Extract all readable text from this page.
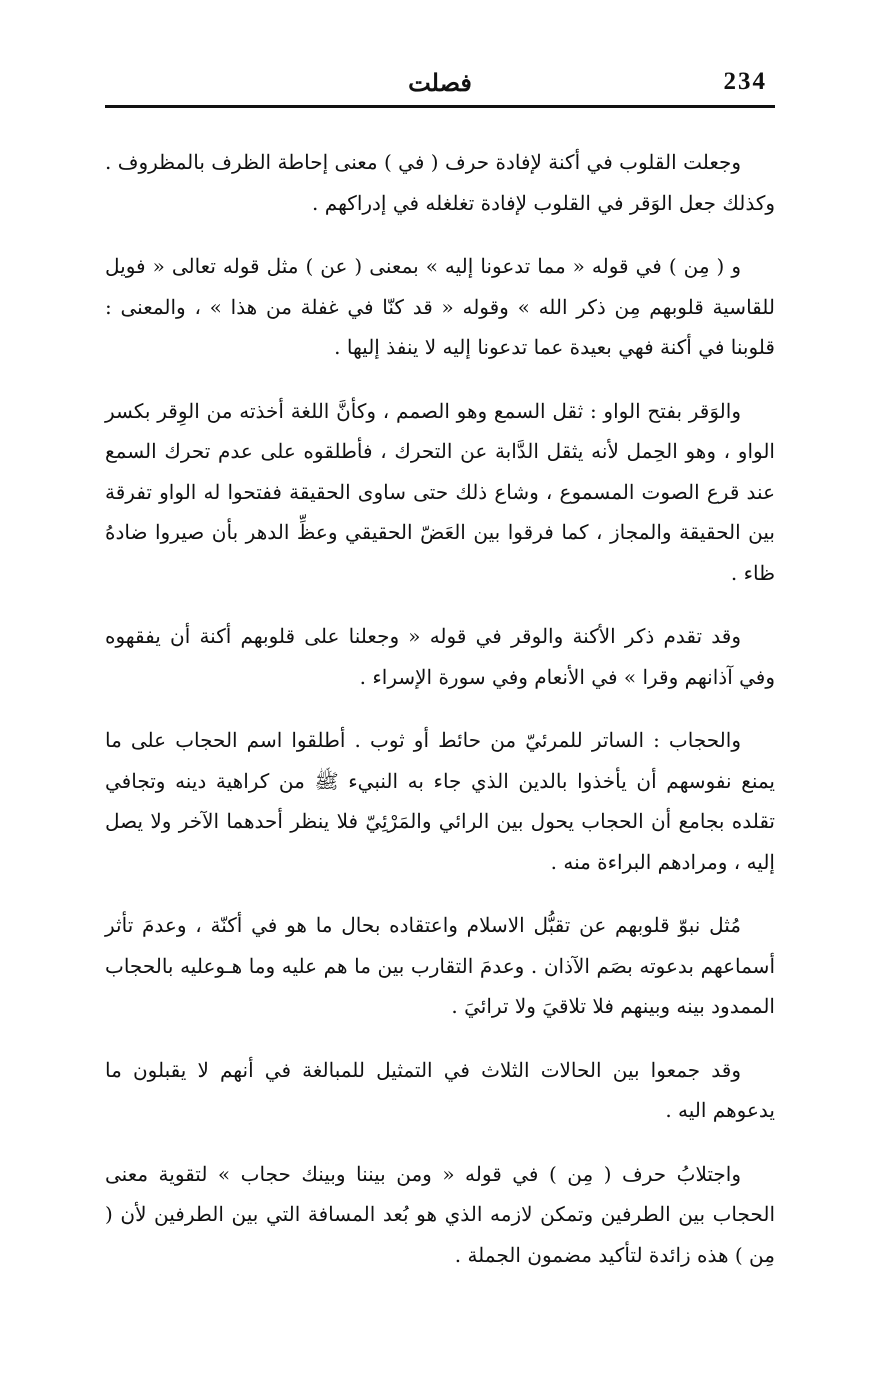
234
فصلت

وجعلت القلوب في أكنة لإفادة حرف ( في ) معنى إحاطة الظرف بالمظروف . وكذلك جعل الوَقر في القلوب لإفادة تغلغله في إدراكهم .

و ( مِن ) في قوله « مما تدعونا إليه » بمعنى ( عن ) مثل قوله تعالى « فويل للقاسية قلوبهم مِن ذكر الله » وقوله « قد كنّا في غفلة من هذا » ، والمعنى : قلوبنا في أكنة فهي بعيدة عما تدعونا إليه لا ينفذ إليها .

والوَقر بفتح الواو : ثقل السمع وهو الصمم ، وكأنَّ اللغة أخذته من الوِقر بكسر الواو ، وهو الحِمل لأنه يثقل الدَّابة عن التحرك ، فأطلقوه على عدم تحرك السمع عند قرع الصوت المسموع ، وشاع ذلك حتى ساوى الحقيقة ففتحوا له الواو تفرقة بين الحقيقة والمجاز ، كما فرقوا بين العَضّ الحقيقي وعظِّ الدهر بأن صيروا ضادهُ ظاء .

وقد تقدم ذكر الأكنة والوقر في قوله « وجعلنا على قلوبهم أكنة أن يفقهوه وفي آذانهم وقرا » في الأنعام وفي سورة الإسراء .

والحجاب : الساتر للمرئيّ من حائط أو ثوب . أطلقوا اسم الحجاب على ما يمنع نفوسهم أن يأخذوا بالدين الذي جاء به النبيء ﷺ من كراهية دينه وتجافي تقلده بجامع أن الحجاب يحول بين الرائي والمَرْئِيّ فلا ينظر أحدهما الآخر ولا يصل إليه ، ومرادهم البراءة منه .

مُثل نبوّ قلوبهم عن تقبُّل الاسلام واعتقاده بحال ما هو في أكنّة ، وعدمَ تأثر أسماعهم بدعوته بصَم الآذان . وعدمَ التقارب بين ما هم عليه وما هـوعليه بالحجاب الممدود بينه وبينهم فلا تلاقيَ ولا ترائيَ .

وقد جمعوا بين الحالات الثلاث في التمثيل للمبالغة في أنهم لا يقبلون ما يدعوهم اليه .

واجتلابُ حرف ( مِن ) في قوله « ومن بيننا وبينك حجاب » لتقوية معنى الحجاب بين الطرفين وتمكن لازمه الذي هو بُعد المسافة التي بين الطرفين لأن ( مِن ) هذه زائدة لتأكيد مضمون الجملة .
